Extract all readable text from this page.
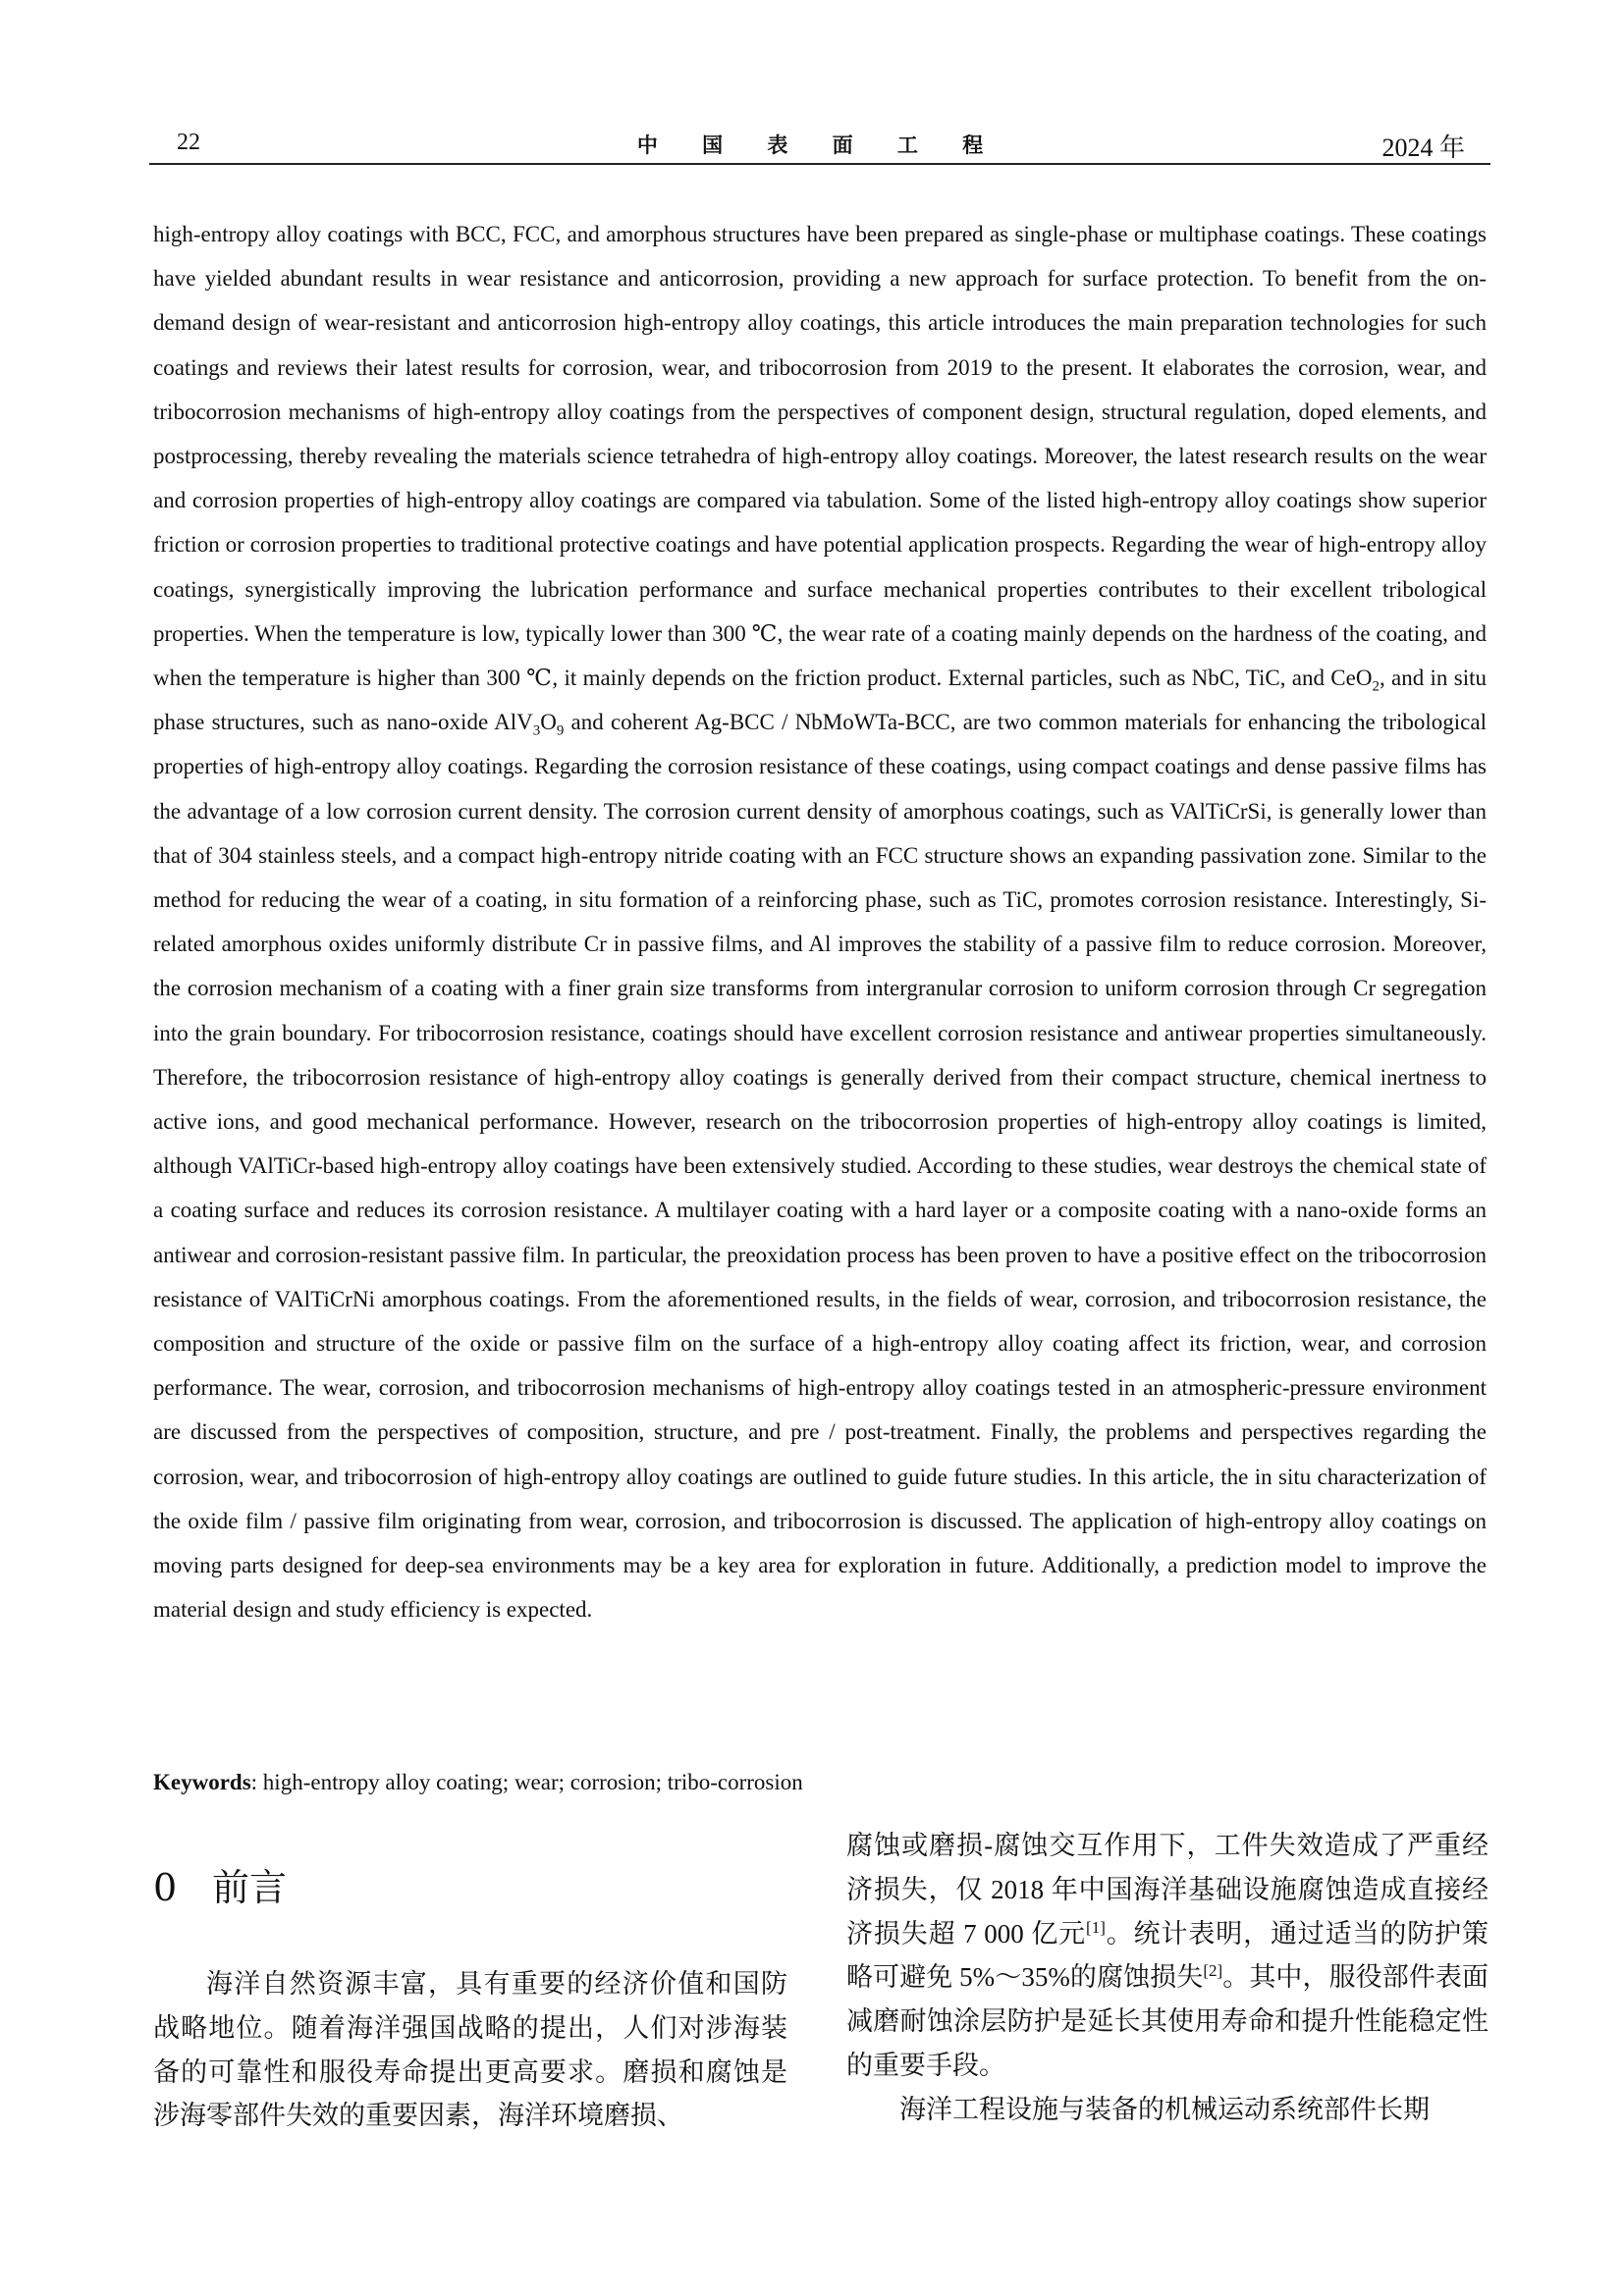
22	中 国 表 面 工 程	2024 年
high-entropy alloy coatings with BCC, FCC, and amorphous structures have been prepared as single-phase or multiphase coatings. These coatings have yielded abundant results in wear resistance and anticorrosion, providing a new approach for surface protection. To benefit from the on-demand design of wear-resistant and anticorrosion high-entropy alloy coatings, this article introduces the main preparation technologies for such coatings and reviews their latest results for corrosion, wear, and tribocorrosion from 2019 to the present. It elaborates the corrosion, wear, and tribocorrosion mechanisms of high-entropy alloy coatings from the perspectives of component design, structural regulation, doped elements, and postprocessing, thereby revealing the materials science tetrahedra of high-entropy alloy coatings. Moreover, the latest research results on the wear and corrosion properties of high-entropy alloy coatings are compared via tabulation. Some of the listed high-entropy alloy coatings show superior friction or corrosion properties to traditional protective coatings and have potential application prospects. Regarding the wear of high-entropy alloy coatings, synergistically improving the lubrication performance and surface mechanical properties contributes to their excellent tribological properties. When the temperature is low, typically lower than 300 ℃, the wear rate of a coating mainly depends on the hardness of the coating, and when the temperature is higher than 300 ℃, it mainly depends on the friction product. External particles, such as NbC, TiC, and CeO$_2$, and in situ phase structures, such as nano-oxide $AlV_3O_9$ and coherent Ag-BCC / NbMoWTa-BCC, are two common materials for enhancing the tribological properties of high-entropy alloy coatings. Regarding the corrosion resistance of these coatings, using compact coatings and dense passive films has the advantage of a low corrosion current density. The corrosion current density of amorphous coatings, such as VAlTiCrSi, is generally lower than that of 304 stainless steels, and a compact high-entropy nitride coating with an FCC structure shows an expanding passivation zone. Similar to the method for reducing the wear of a coating, in situ formation of a reinforcing phase, such as TiC, promotes corrosion resistance. Interestingly, Si-related amorphous oxides uniformly distribute Cr in passive films, and Al improves the stability of a passive film to reduce corrosion. Moreover, the corrosion mechanism of a coating with a finer grain size transforms from intergranular corrosion to uniform corrosion through Cr segregation into the grain boundary. For tribocorrosion resistance, coatings should have excellent corrosion resistance and antiwear properties simultaneously. Therefore, the tribocorrosion resistance of high-entropy alloy coatings is generally derived from their compact structure, chemical inertness to active ions, and good mechanical performance. However, research on the tribocorrosion properties of high-entropy alloy coatings is limited, although VAlTiCr-based high-entropy alloy coatings have been extensively studied. According to these studies, wear destroys the chemical state of a coating surface and reduces its corrosion resistance. A multilayer coating with a hard layer or a composite coating with a nano-oxide forms an antiwear and corrosion-resistant passive film. In particular, the preoxidation process has been proven to have a positive effect on the tribocorrosion resistance of VAlTiCrNi amorphous coatings. From the aforementioned results, in the fields of wear, corrosion, and tribocorrosion resistance, the composition and structure of the oxide or passive film on the surface of a high-entropy alloy coating affect its friction, wear, and corrosion performance. The wear, corrosion, and tribocorrosion mechanisms of high-entropy alloy coatings tested in an atmospheric-pressure environment are discussed from the perspectives of composition, structure, and pre / post-treatment. Finally, the problems and perspectives regarding the corrosion, wear, and tribocorrosion of high-entropy alloy coatings are outlined to guide future studies. In this article, the in situ characterization of the oxide film / passive film originating from wear, corrosion, and tribocorrosion is discussed. The application of high-entropy alloy coatings on moving parts designed for deep-sea environments may be a key area for exploration in future. Additionally, a prediction model to improve the material design and study efficiency is expected.
Keywords: high-entropy alloy coating; wear; corrosion; tribo-corrosion
0 前言

海洋自然资源丰富，具有重要的经济价值和国防战略地位。随着海洋强国战略的提出，人们对涉海装备的可靠性和服役寿命提出更高要求。磨损和腐蚀是涉海零部件失效的重要因素，海洋环境磨损、

腐蚀或磨损-腐蚀交互作用下，工件失效造成了严重经济损失，仅 2018 年中国海洋基础设施腐蚀造成直接经济损失超 7 000 亿元[1]。统计表明，通过适当的防护策略可避免 5%～35%的腐蚀损失[2]。其中，服役部件表面减磨耐蚀涂层防护是延长其使用寿命和提升性能稳定性的重要手段。

海洋工程设施与装备的机械运动系统部件长期
